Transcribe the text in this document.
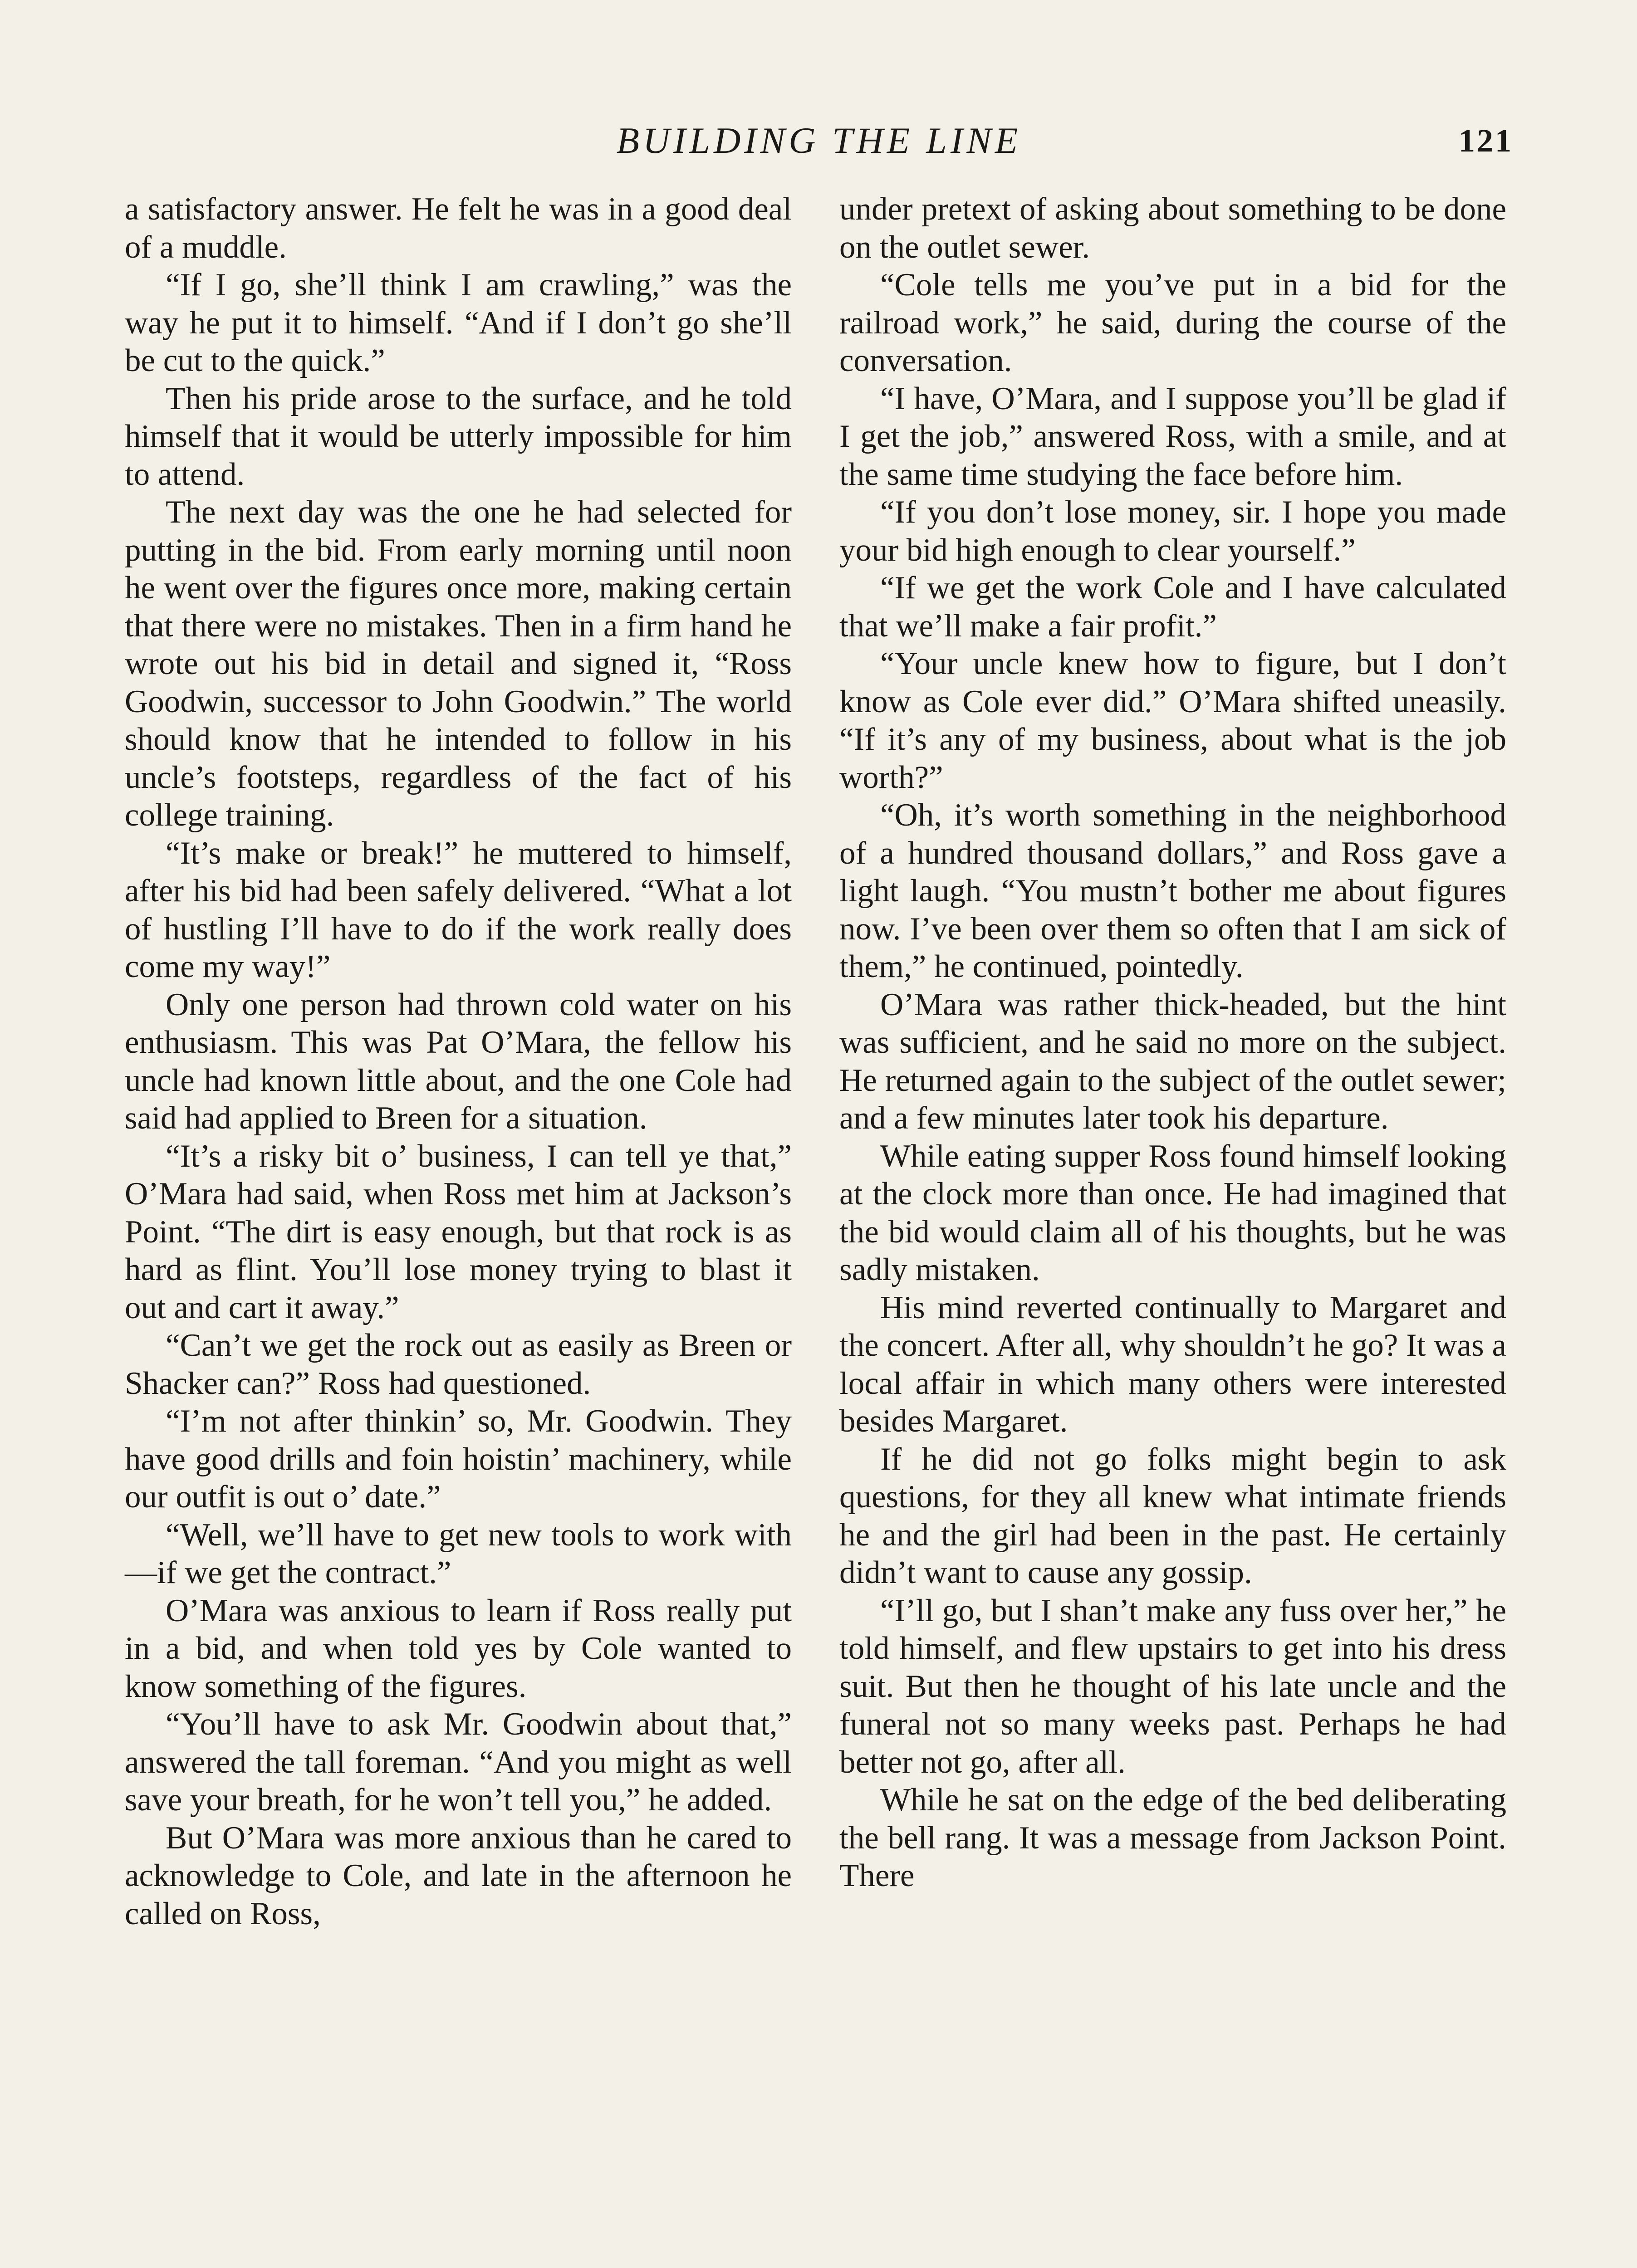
BUILDING THE LINE	121

a satisfactory answer. He felt he was in a good deal of a muddle.

“If I go, she’ll think I am crawling,” was the way he put it to himself. “And if I don’t go she’ll be cut to the quick.”

Then his pride arose to the surface, and he told himself that it would be utterly impossible for him to attend.

The next day was the one he had selected for putting in the bid. From early morning until noon he went over the figures once more, making certain that there were no mistakes. Then in a firm hand he wrote out his bid in detail and signed it, “Ross Goodwin, successor to John Goodwin.” The world should know that he intended to follow in his uncle’s footsteps, regardless of the fact of his college training.

“It’s make or break!” he muttered to himself, after his bid had been safely delivered. “What a lot of hustling I’ll have to do if the work really does come my way!”

Only one person had thrown cold water on his enthusiasm. This was Pat O’Mara, the fellow his uncle had known little about, and the one Cole had said had applied to Breen for a situation.

“It’s a risky bit o’ business, I can tell ye that,” O’Mara had said, when Ross met him at Jackson’s Point. “The dirt is easy enough, but that rock is as hard as flint. You’ll lose money trying to blast it out and cart it away.”

“Can’t we get the rock out as easily as Breen or Shacker can?” Ross had questioned.

“I’m not after thinkin’ so, Mr. Goodwin. They have good drills and foin hoistin’ machinery, while our outfit is out o’ date.”

“Well, we’ll have to get new tools to work with—if we get the contract.”

O’Mara was anxious to learn if Ross really put in a bid, and when told yes by Cole wanted to know something of the figures.

“You’ll have to ask Mr. Goodwin about that,” answered the tall foreman. “And you might as well save your breath, for he won’t tell you,” he added.

But O’Mara was more anxious than he cared to acknowledge to Cole, and late in the afternoon he called on Ross,

under pretext of asking about something to be done on the outlet sewer.

“Cole tells me you’ve put in a bid for the railroad work,” he said, during the course of the conversation.

“I have, O’Mara, and I suppose you’ll be glad if I get the job,” answered Ross, with a smile, and at the same time studying the face before him.

“If you don’t lose money, sir. I hope you made your bid high enough to clear yourself.”

“If we get the work Cole and I have calculated that we’ll make a fair profit.”

“Your uncle knew how to figure, but I don’t know as Cole ever did.” O’Mara shifted uneasily. “If it’s any of my business, about what is the job worth?”

“Oh, it’s worth something in the neighborhood of a hundred thousand dollars,” and Ross gave a light laugh. “You mustn’t bother me about figures now. I’ve been over them so often that I am sick of them,” he continued, pointedly.

O’Mara was rather thick-headed, but the hint was sufficient, and he said no more on the subject. He returned again to the subject of the outlet sewer; and a few minutes later took his departure.

While eating supper Ross found himself looking at the clock more than once. He had imagined that the bid would claim all of his thoughts, but he was sadly mistaken.

His mind reverted continually to Margaret and the concert. After all, why shouldn’t he go? It was a local affair in which many others were interested besides Margaret.

If he did not go folks might begin to ask questions, for they all knew what intimate friends he and the girl had been in the past. He certainly didn’t want to cause any gossip.

“I’ll go, but I shan’t make any fuss over her,” he told himself, and flew upstairs to get into his dress suit. But then he thought of his late uncle and the funeral not so many weeks past. Perhaps he had better not go, after all.

While he sat on the edge of the bed deliberating the bell rang. It was a message from Jackson Point. There
